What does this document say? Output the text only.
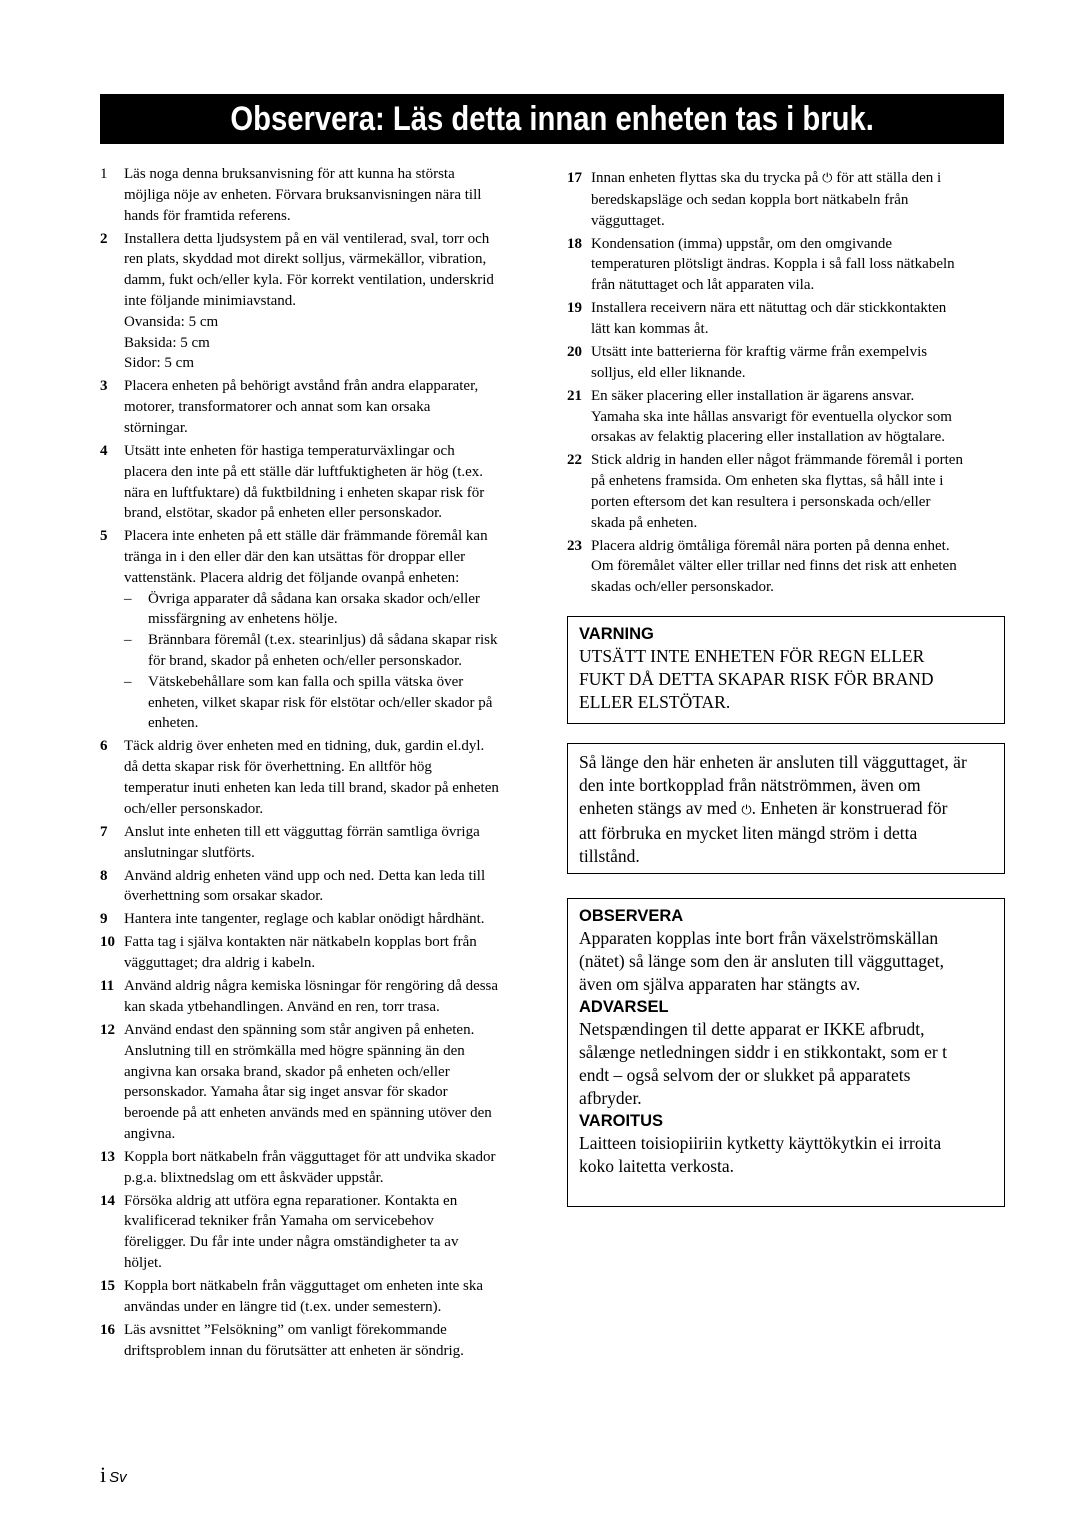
Observera: Läs detta innan enheten tas i bruk.
1	Läs noga denna bruksanvisning för att kunna ha största
möjliga nöje av enheten. Förvara bruksanvisningen nära till
hands för framtida referens.
2	Installera detta ljudsystem på en väl ventilerad, sval, torr och
ren plats, skyddad mot direkt solljus, värmekällor, vibration,
damm, fukt och/eller kyla. För korrekt ventilation, underskrid
inte följande minimiavstand.
Ovansida: 5 cm
Baksida: 5 cm
Sidor: 5 cm
3	Placera enheten på behörigt avstånd från andra elapparater,
motorer, transformatorer och annat som kan orsaka
störningar.
4	Utsätt inte enheten för hastiga temperaturväxlingar och
placera den inte på ett ställe där luftfuktigheten är hög (t.ex.
nära en luftfuktare) då fuktbildning i enheten skapar risk för
brand, elstötar, skador på enheten eller personskador.
5	Placera inte enheten på ett ställe där främmande föremål kan
tränga in i den eller där den kan utsättas för droppar eller
vattenstänk. Placera aldrig det följande ovanpå enheten:
–	Övriga apparater då sådana kan orsaka skador och/eller
missfärgning av enhetens hölje.
–	Brännbara föremål (t.ex. stearinljus) då sådana skapar risk
för brand, skador på enheten och/eller personskador.
–	Vätskebehållare som kan falla och spilla vätska över
enheten, vilket skapar risk för elstötar och/eller skador på
enheten.
6	Täck aldrig över enheten med en tidning, duk, gardin el.dyl.
då detta skapar risk för överhettning. En alltför hög
temperatur inuti enheten kan leda till brand, skador på enheten
och/eller personskador.
7	Anslut inte enheten till ett vägguttag förrän samtliga övriga
anslutningar slutförts.
8	Använd aldrig enheten vänd upp och ned. Detta kan leda till
överhettning som orsakar skador.
9	Hantera inte tangenter, reglage och kablar onödigt hårdhänt.
10 Fatta tag i själva kontakten när nätkabeln kopplas bort från
vägguttaget; dra aldrig i kabeln.
11 Använd aldrig några kemiska lösningar för rengöring då dessa
kan skada ytbehandlingen. Använd en ren, torr trasa.
12 Använd endast den spänning som står angiven på enheten.
Anslutning till en strömkälla med högre spänning än den
angivna kan orsaka brand, skador på enheten och/eller
personskador. Yamaha åtar sig inget ansvar för skador
beroende på att enheten används med en spänning utöver den
angivna.
13 Koppla bort nätkabeln från vägguttaget för att undvika skador
p.g.a. blixtnedslag om ett åskväder uppstår.
14 Försöka aldrig att utföra egna reparationer. Kontakta en
kvalificerad tekniker från Yamaha om servicebehov
föreligger. Du får inte under några omständigheter ta av
höljet.
15 Koppla bort nätkabeln från vägguttaget om enheten inte ska
användas under en längre tid (t.ex. under semestern).
16 Läs avsnittet ”Felsökning” om vanligt förekommande
driftsproblem innan du förutsätter att enheten är söndrig.
17 Innan enheten flyttas ska du trycka på ⏻ för att ställa den i
beredskapsläge och sedan koppla bort nätkabeln från
vägguttaget.
18 Kondensation (imma) uppstår, om den omgivande
temperaturen plötsligt ändras. Koppla i så fall loss nätkabeln
från nätuttaget och låt apparaten vila.
19 Installera receivern nära ett nätuttag och där stickkontakten
lätt kan kommas åt.
20 Utsätt inte batterierna för kraftig värme från exempelvis
solljus, eld eller liknande.
21 En säker placering eller installation är ägarens ansvar.
Yamaha ska inte hållas ansvarigt för eventuella olyckor som
orsakas av felaktig placering eller installation av högtalare.
22 Stick aldrig in handen eller något främmande föremål i porten
på enhetens framsida. Om enheten ska flyttas, så håll inte i
porten eftersom det kan resultera i personskada och/eller
skada på enheten.
23 Placera aldrig ömtåliga föremål nära porten på denna enhet.
Om föremålet välter eller trillar ned finns det risk att enheten
skadas och/eller personskador.
VARNING
UTSÄTT INTE ENHETEN FÖR REGN ELLER
FUKT DÅ DETTA SKAPAR RISK FÖR BRAND
ELLER ELSTÖTAR.
Så länge den här enheten är ansluten till vägguttaget, är
den inte bortkopplad från nätströmmen, även om
enheten stängs av med ⏻. Enheten är konstruerad för
att förbruka en mycket liten mängd ström i detta
tillstånd.
OBSERVERA
Apparaten kopplas inte bort från växelströmskällan
(nätet) så länge som den är ansluten till vägguttaget,
även om själva apparaten har stängts av.
ADVARSEL
Netspændingen til dette apparat er IKKE afbrudt,
sålænge netledningen siddr i en stikkontakt, som er t
endt – også selvom der or slukket på apparatets
afbryder.
VAROITUS
Laitteen toisiopiiriin kytketty käyttökytkin ei irroita
koko laitetta verkosta.
i Sv
